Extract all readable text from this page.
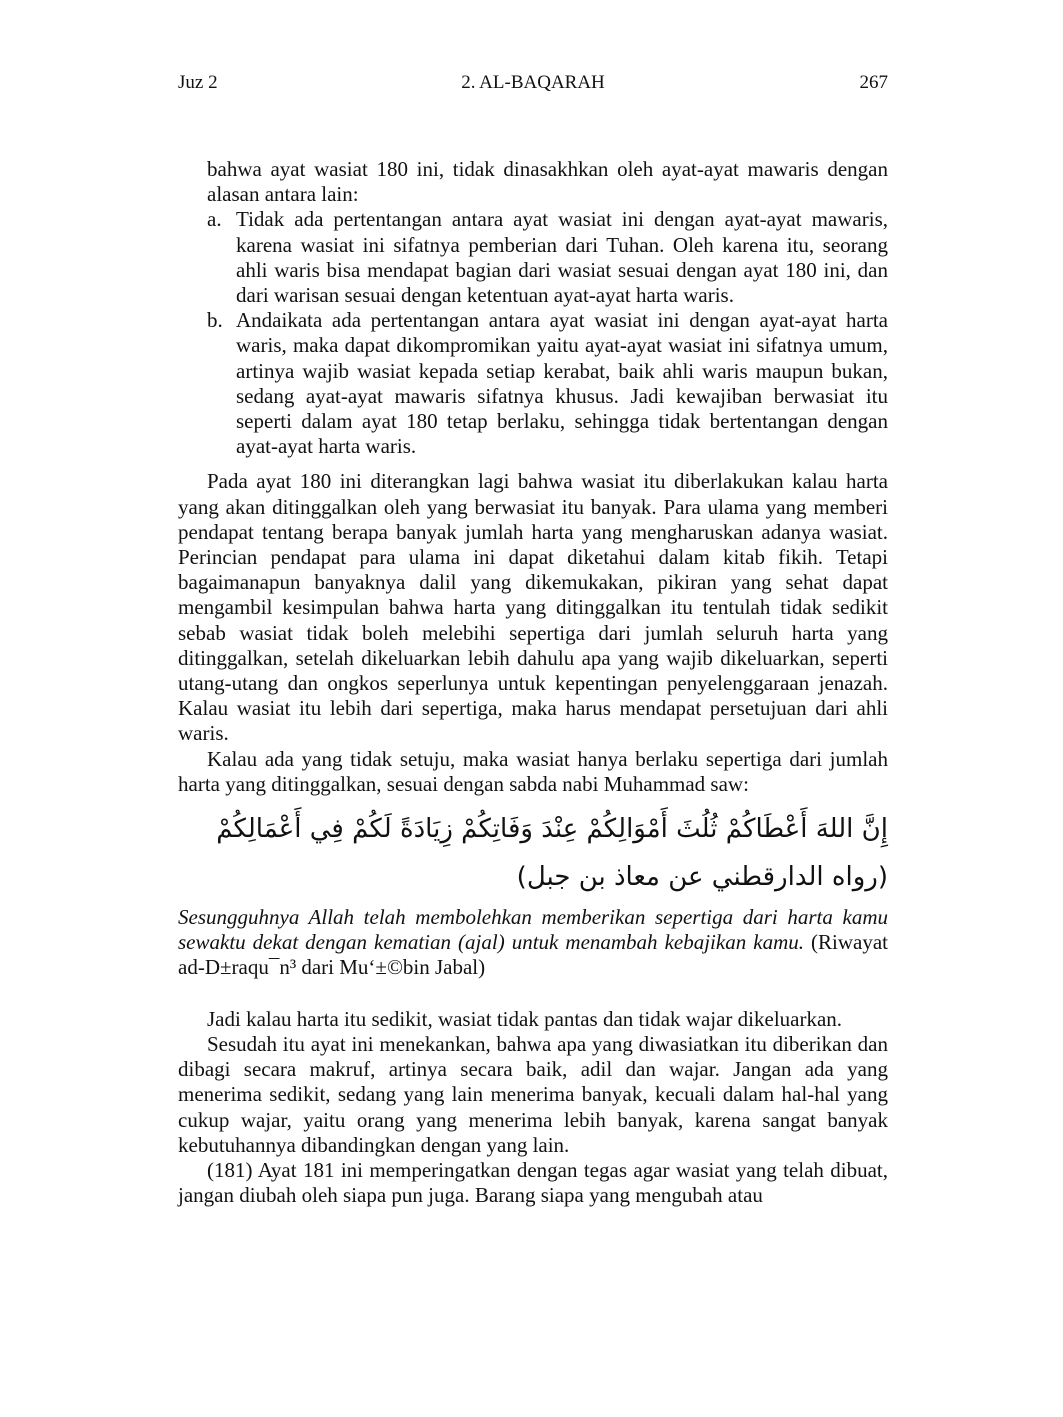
Juz 2	2. AL-BAQARAH	267

bahwa ayat wasiat 180 ini, tidak dinasakhkan oleh ayat-ayat mawaris dengan alasan antara lain:

a. Tidak ada pertentangan antara ayat wasiat ini dengan ayat-ayat mawaris, karena wasiat ini sifatnya pemberian dari Tuhan. Oleh karena itu, seorang ahli waris bisa mendapat bagian dari wasiat sesuai dengan ayat 180 ini, dan dari warisan sesuai dengan ketentuan ayat-ayat harta waris.
b. Andaikata ada pertentangan antara ayat wasiat ini dengan ayat-ayat harta waris, maka dapat dikompromikan yaitu ayat-ayat wasiat ini sifatnya umum, artinya wajib wasiat kepada setiap kerabat, baik ahli waris maupun bukan, sedang ayat-ayat mawaris sifatnya khusus. Jadi kewajiban berwasiat itu seperti dalam ayat 180 tetap berlaku, sehingga tidak bertentangan dengan ayat-ayat harta waris.

Pada ayat 180 ini diterangkan lagi bahwa wasiat itu diberlakukan kalau harta yang akan ditinggalkan oleh yang berwasiat itu banyak. Para ulama yang memberi pendapat tentang berapa banyak jumlah harta yang mengharuskan adanya wasiat. Perincian pendapat para ulama ini dapat diketahui dalam kitab fikih. Tetapi bagaimanapun banyaknya dalil yang dikemukakan, pikiran yang sehat dapat mengambil kesimpulan bahwa harta yang ditinggalkan itu tentulah tidak sedikit sebab wasiat tidak boleh melebihi sepertiga dari jumlah seluruh harta yang ditinggalkan, setelah dikeluarkan lebih dahulu apa yang wajib dikeluarkan, seperti utang-utang dan ongkos seperlunya untuk kepentingan penyelenggaraan jenazah. Kalau wasiat itu lebih dari sepertiga, maka harus mendapat persetujuan dari ahli waris.

Kalau ada yang tidak setuju, maka wasiat hanya berlaku sepertiga dari jumlah harta yang ditinggalkan, sesuai dengan sabda nabi Muhammad saw:

إِنَّ اللهَ أَعْطَاكُمْ ثُلُثَ أَمْوَالِكُمْ عِنْدَ وَفَاتِكُمْ زِيَادَةً لَكُمْ فِي أَعْمَالِكُمْ (رواه الدارقطني عن معاذ بن جبل)

Sesungguhnya Allah telah membolehkan memberikan sepertiga dari harta kamu sewaktu dekat dengan kematian (ajal) untuk menambah kebajikan kamu. (Riwayat ad-D±raqu¯n³ dari Mu‘±©bin Jabal)

Jadi kalau harta itu sedikit, wasiat tidak pantas dan tidak wajar dikeluarkan.

Sesudah itu ayat ini menekankan, bahwa apa yang diwasiatkan itu diberikan dan dibagi secara makruf, artinya secara baik, adil dan wajar. Jangan ada yang menerima sedikit, sedang yang lain menerima banyak, kecuali dalam hal-hal yang cukup wajar, yaitu orang yang menerima lebih banyak, karena sangat banyak kebutuhannya dibandingkan dengan yang lain.

(181) Ayat 181 ini memperingatkan dengan tegas agar wasiat yang telah dibuat, jangan diubah oleh siapa pun juga. Barang siapa yang mengubah atau
